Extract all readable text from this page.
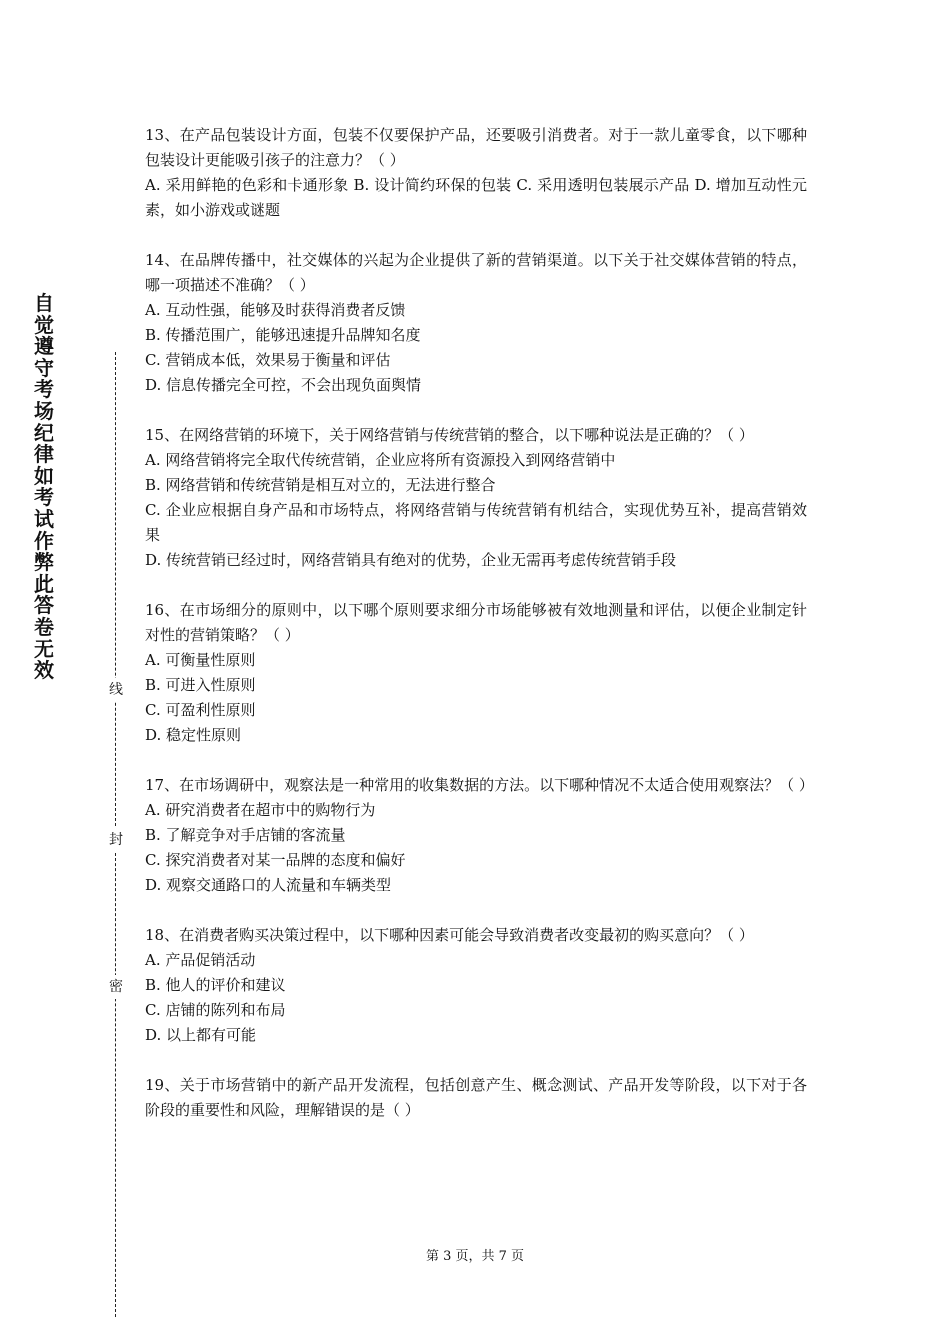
自觉遵守考场纪律如考试作弊此答卷无效
线
封
密

13、在产品包装设计方面，包装不仅要保护产品，还要吸引消费者。对于一款儿童零食，以下哪种包装设计更能吸引孩子的注意力？（ ）

A. 采用鲜艳的色彩和卡通形象 B. 设计简约环保的包装 C. 采用透明包装展示产品 D. 增加互动性元素，如小游戏或谜题

14、在品牌传播中，社交媒体的兴起为企业提供了新的营销渠道。以下关于社交媒体营销的特点，哪一项描述不准确？（ ）

A. 互动性强，能够及时获得消费者反馈

B. 传播范围广，能够迅速提升品牌知名度

C. 营销成本低，效果易于衡量和评估

D. 信息传播完全可控，不会出现负面舆情

15、在网络营销的环境下，关于网络营销与传统营销的整合，以下哪种说法是正确的？（ ）

A. 网络营销将完全取代传统营销，企业应将所有资源投入到网络营销中

B. 网络营销和传统营销是相互对立的，无法进行整合

C. 企业应根据自身产品和市场特点，将网络营销与传统营销有机结合，实现优势互补，提高营销效果

D. 传统营销已经过时，网络营销具有绝对的优势，企业无需再考虑传统营销手段

16、在市场细分的原则中，以下哪个原则要求细分市场能够被有效地测量和评估，以便企业制定针对性的营销策略？（ ）

A. 可衡量性原则

B. 可进入性原则

C. 可盈利性原则

D. 稳定性原则

17、在市场调研中，观察法是一种常用的收集数据的方法。以下哪种情况不太适合使用观察法？（ ）

A. 研究消费者在超市中的购物行为

B. 了解竞争对手店铺的客流量

C. 探究消费者对某一品牌的态度和偏好

D. 观察交通路口的人流量和车辆类型

18、在消费者购买决策过程中，以下哪种因素可能会导致消费者改变最初的购买意向？（ ）

A. 产品促销活动

B. 他人的评价和建议

C. 店铺的陈列和布局

D. 以上都有可能

19、关于市场营销中的新产品开发流程，包括创意产生、概念测试、产品开发等阶段，以下对于各阶段的重要性和风险，理解错误的是（ ）

第 3 页，共 7 页
